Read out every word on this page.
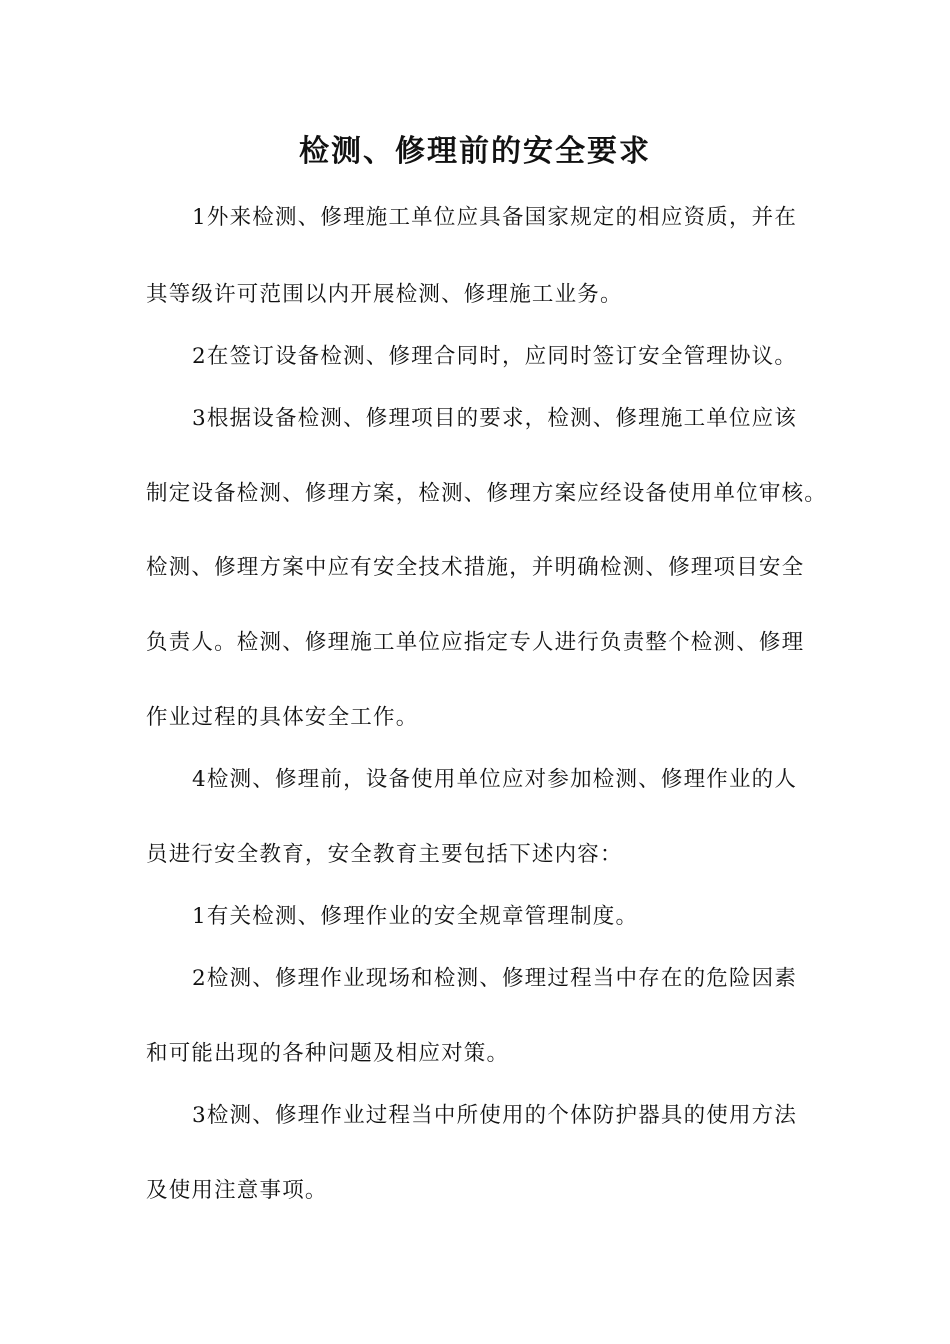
检测、修理前的安全要求
1外来检测、修理施工单位应具备国家规定的相应资质，并在
其等级许可范围以内开展检测、修理施工业务。
2在签订设备检测、修理合同时，应同时签订安全管理协议。
3根据设备检测、修理项目的要求，检测、修理施工单位应该
制定设备检测、修理方案，检测、修理方案应经设备使用单位审核。
检测、修理方案中应有安全技术措施，并明确检测、修理项目安全
负责人。检测、修理施工单位应指定专人进行负责整个检测、修理
作业过程的具体安全工作。
4检测、修理前，设备使用单位应对参加检测、修理作业的人
员进行安全教育，安全教育主要包括下述内容：
1有关检测、修理作业的安全规章管理制度。
2检测、修理作业现场和检测、修理过程当中存在的危险因素
和可能出现的各种问题及相应对策。
3检测、修理作业过程当中所使用的个体防护器具的使用方法
及使用注意事项。
